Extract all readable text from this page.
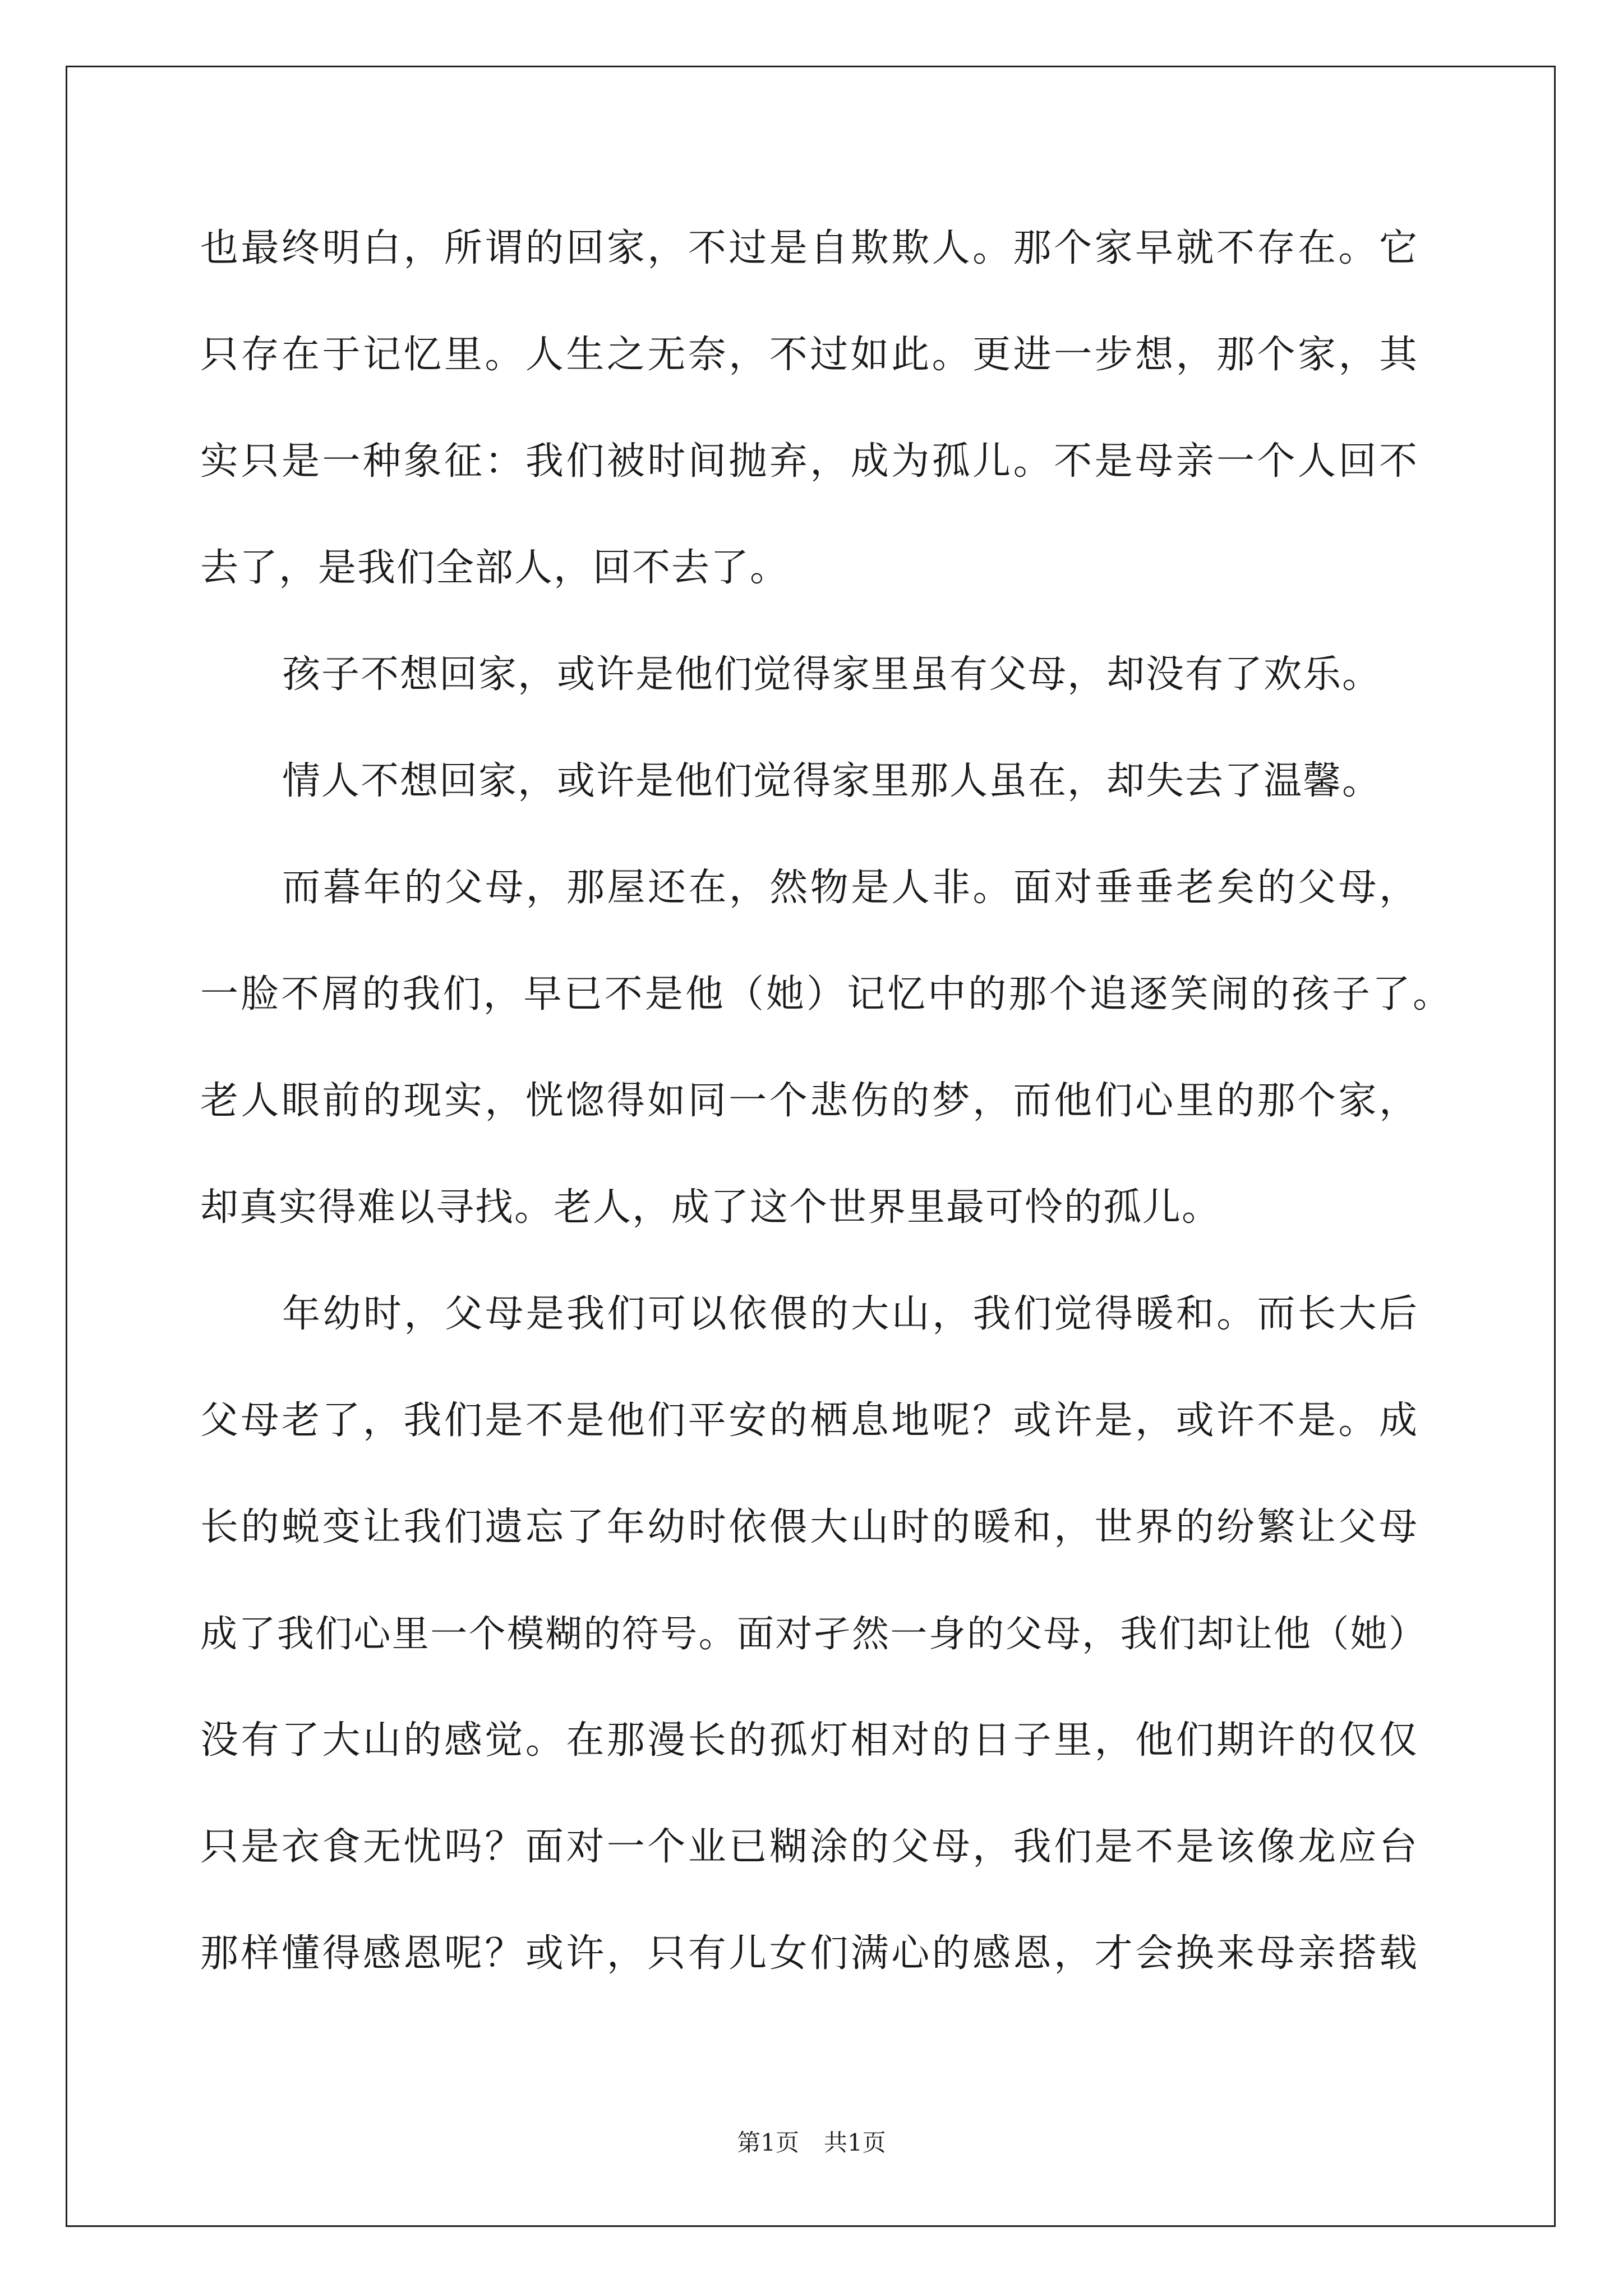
也最终明白，所谓的回家，不过是自欺欺人。那个家早就不存在。它
只存在于记忆里。人生之无奈，不过如此。更进一步想，那个家，其
实只是一种象征：我们被时间抛弃，成为孤儿。不是母亲一个人回不
去了，是我们全部人，回不去了。
孩子不想回家，或许是他们觉得家里虽有父母，却没有了欢乐。
情人不想回家，或许是他们觉得家里那人虽在，却失去了温馨。
而暮年的父母，那屋还在，然物是人非。面对垂垂老矣的父母，
一脸不屑的我们，早已不是他（她）记忆中的那个追逐笑闹的孩子了。
老人眼前的现实，恍惚得如同一个悲伤的梦，而他们心里的那个家，
却真实得难以寻找。老人，成了这个世界里最可怜的孤儿。
年幼时，父母是我们可以依偎的大山，我们觉得暖和。而长大后
父母老了，我们是不是他们平安的栖息地呢？或许是，或许不是。成
长的蜕变让我们遗忘了年幼时依偎大山时的暖和，世界的纷繁让父母
成了我们心里一个模糊的符号。面对孑然一身的父母，我们却让他（她）
没有了大山的感觉。在那漫长的孤灯相对的日子里，他们期许的仅仅
只是衣食无忧吗？面对一个业已糊涂的父母，我们是不是该像龙应台
那样懂得感恩呢？或许，只有儿女们满心的感恩，才会换来母亲搭载
第1页 共1页
